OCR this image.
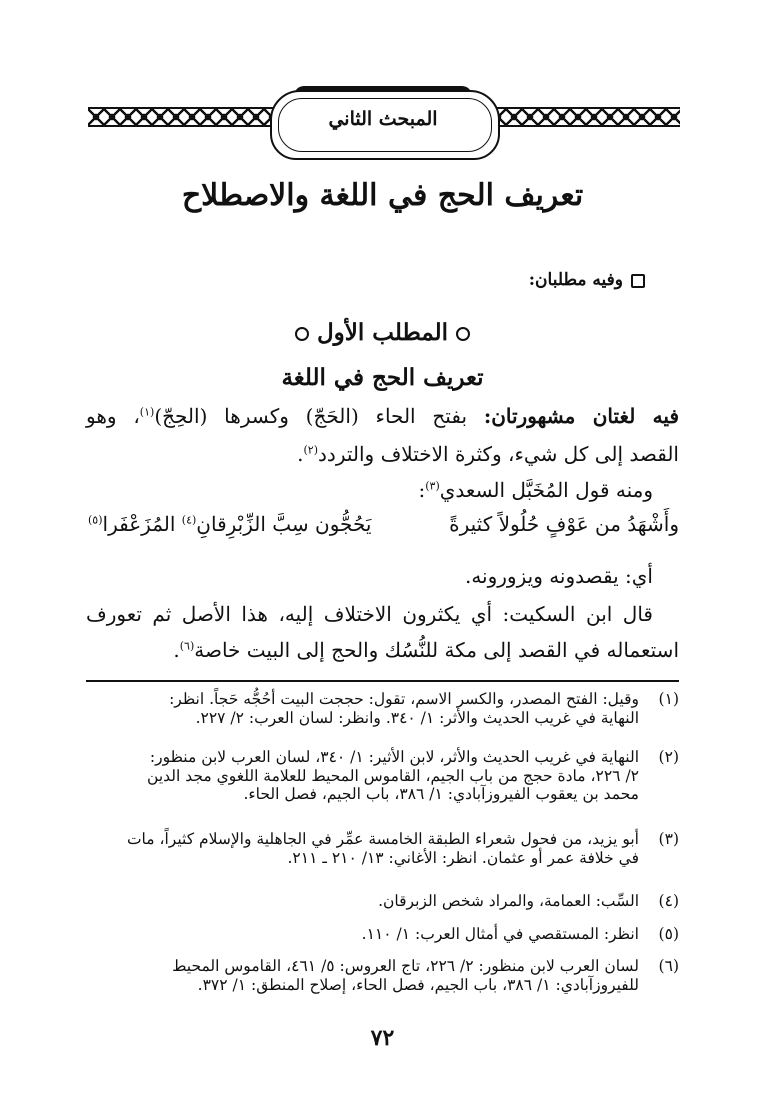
المبحث الثاني
تعريف الحج في اللغة والاصطلاح
وفيه مطلبان:
المطلب الأول
تعريف الحج في اللغة
فيه لغتان مشهورتان: بفتح الحاء (الحَجّ) وكسرها (الحِجّ)$^{(١)}$، وهو
القصد إلى كل شيء، وكثرة الاختلاف والتردد$^{(٢)}$.
ومنه قول المُخَبَّل السعدي$^{(٣)}$:
وأَشْهَدُ من عَوْفٍ حُلُولاً كثيرةً
يَحُجُّون سِبَّ الزِّبْرِقانِ$^{(٤)}$ المُزَعْفَرا$^{(٥)}$
أي: يقصدونه ويزورونه.
قال ابن السكيت: أي يكثرون الاختلاف إليه، هذا الأصل ثم تعورف
استعماله في القصد إلى مكة للنُّسُك والحج إلى البيت خاصة$^{(٦)}$.
(١)
وقيل: الفتح المصدر، والكسر الاسم، تقول: حججت البيت أحُجُّه حَجاً. انظر:
النهاية في غريب الحديث والأثر: ١/ ٣٤٠. وانظر: لسان العرب: ٢/ ٢٢٧.
(٢)
النهاية في غريب الحديث والأثر، لابن الأثير: ١/ ٣٤٠، لسان العرب لابن منظور:
٢/ ٢٢٦، مادة حجج من باب الجيم، القاموس المحيط للعلامة اللغوي مجد الدين
محمد بن يعقوب الفيروزآبادي: ١/ ٣٨٦، باب الجيم، فصل الحاء.
(٣)
أبو يزيد، من فحول شعراء الطبقة الخامسة عمِّر في الجاهلية والإسلام كثيراً، مات
في خلافة عمر أو عثمان. انظر: الأغاني: ١٣/ ٢١٠ ـ ٢١١.
(٤)
السِّب: العمامة، والمراد شخص الزبرقان.
(٥)
انظر: المستقصي في أمثال العرب: ١/ ١١٠.
(٦)
لسان العرب لابن منظور: ٢/ ٢٢٦، تاج العروس: ٥/ ٤٦١، القاموس المحيط
للفيروزآبادي: ١/ ٣٨٦، باب الجيم، فصل الحاء، إصلاح المنطق: ١/ ٣٧٢.
٧٢
